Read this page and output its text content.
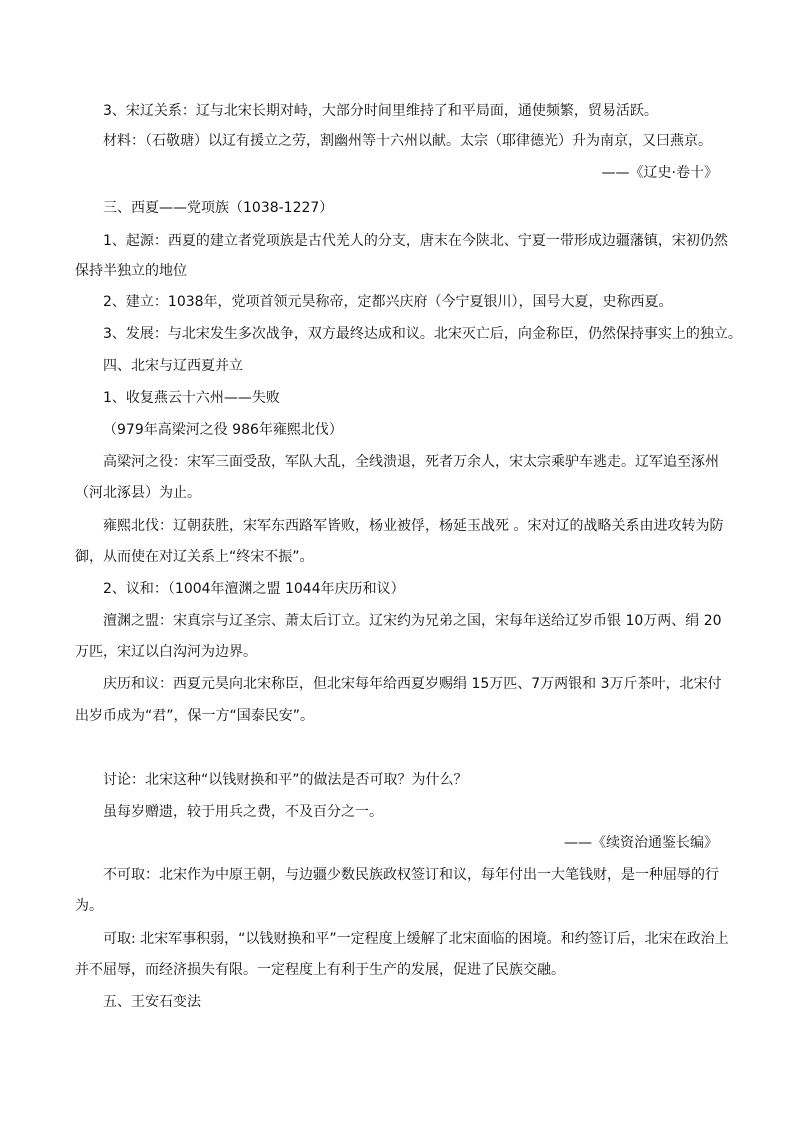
3、宋辽关系：辽与北宋长期对峙，大部分时间里维持了和平局面，通使频繁，贸易活跃。
材料：（石敬瑭）以辽有援立之劳，割幽州等十六州以献。太宗（耶律德光）升为南京，又曰燕京。
——《辽史·卷十》
三、西夏——党项族（1038-1227）
1、起源：西夏的建立者党项族是古代羌人的分支，唐末在今陕北、宁夏一带形成边疆藩镇，宋初仍然
保持半独立的地位
2、建立：1038年，党项首领元昊称帝，定都兴庆府（今宁夏银川），国号大夏，史称西夏。
3、发展：与北宋发生多次战争，双方最终达成和议。北宋灭亡后，向金称臣，仍然保持事实上的独立。
四、北宋与辽西夏并立
1、收复燕云十六州——失败
（979年高梁河之役 986年雍熙北伐）
高梁河之役：宋军三面受敌，军队大乱，全线溃退，死者万余人，宋太宗乘驴车逃走。辽军追至涿州
（河北涿县）为止。
雍熙北伐：辽朝获胜，宋军东西路军皆败，杨业被俘，杨延玉战死 。宋对辽的战略关系由进攻转为防
御，从而使在对辽关系上“终宋不振”。
2、议和：（1004年澶渊之盟 1044年庆历和议）
澶渊之盟：宋真宗与辽圣宗、萧太后订立。辽宋约为兄弟之国，宋每年送给辽岁币银 10万两、绢 20
万匹，宋辽以白沟河为边界。
庆历和议：西夏元昊向北宋称臣，但北宋每年给西夏岁赐绢 15万匹、7万两银和 3万斤茶叶，北宋付
出岁币成为“君”，保一方“国泰民安”。
讨论：北宋这种“以钱财换和平”的做法是否可取？为什么？
虽每岁赠遗，较于用兵之费，不及百分之一。
——《续资治通鉴长编》
不可取：北宋作为中原王朝，与边疆少数民族政权签订和议，每年付出一大笔钱财，是一种屈辱的行
为。
可取: 北宋军事积弱，“以钱财换和平”一定程度上缓解了北宋面临的困境。和约签订后，北宋在政治上
并不屈辱，而经济损失有限。一定程度上有利于生产的发展，促进了民族交融。
五、王安石变法
